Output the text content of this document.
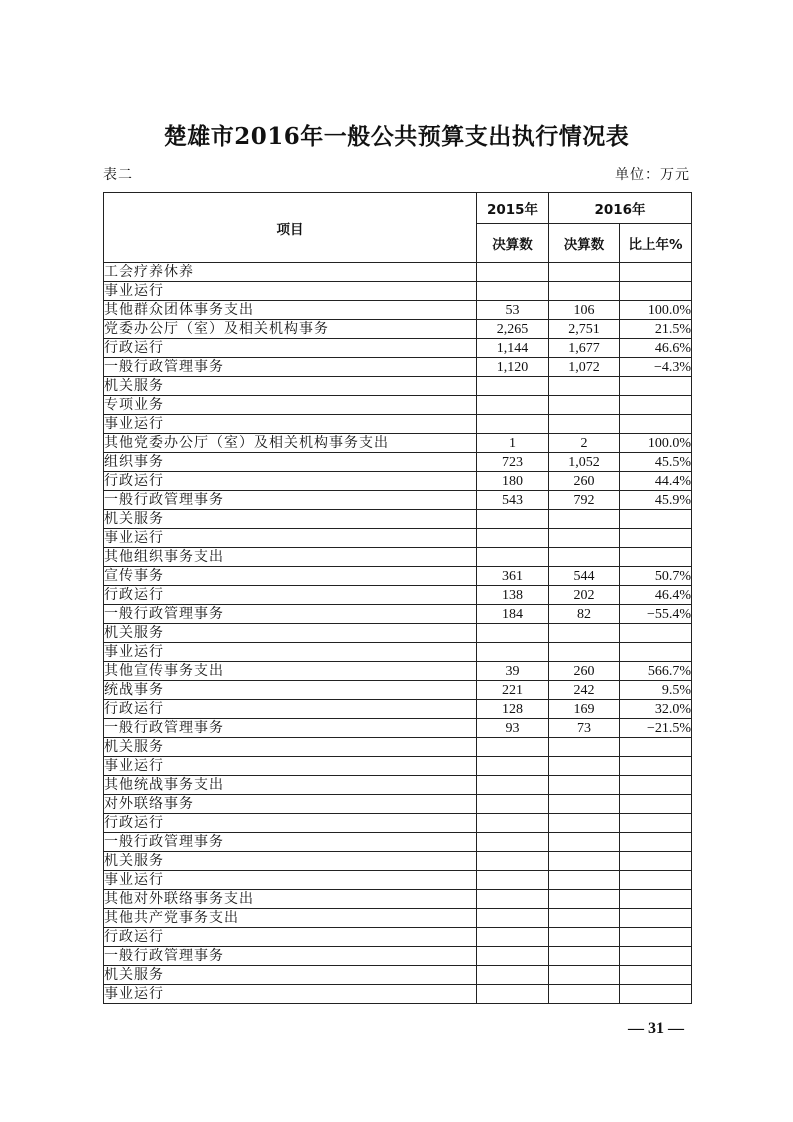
楚雄市2016年一般公共预算支出执行情况表
表二	单位：万元
项目	2015年	2016年	

	决算数	决算数	比上年%
工会疗养休养			
事业运行			
其他群众团体事务支出	53	106	100.0%
党委办公厅（室）及相关机构事务	2,265	2,751	21.5%
行政运行	1,144	1,677	46.6%
一般行政管理事务	1,120	1,072	−4.3%
机关服务			
专项业务			
事业运行			
其他党委办公厅（室）及相关机构事务支出	1	2	100.0%
组织事务	723	1,052	45.5%
行政运行	180	260	44.4%
一般行政管理事务	543	792	45.9%
机关服务			
事业运行			
其他组织事务支出			
宣传事务	361	544	50.7%
行政运行	138	202	46.4%
一般行政管理事务	184	82	−55.4%
机关服务			
事业运行			
其他宣传事务支出	39	260	566.7%
统战事务	221	242	9.5%
行政运行	128	169	32.0%
一般行政管理事务	93	73	−21.5%
机关服务			
事业运行			
其他统战事务支出			
对外联络事务			
行政运行			
一般行政管理事务			
机关服务			
事业运行			
其他对外联络事务支出			
其他共产党事务支出			
行政运行			
一般行政管理事务			
机关服务			
事业运行			
— 31 —
